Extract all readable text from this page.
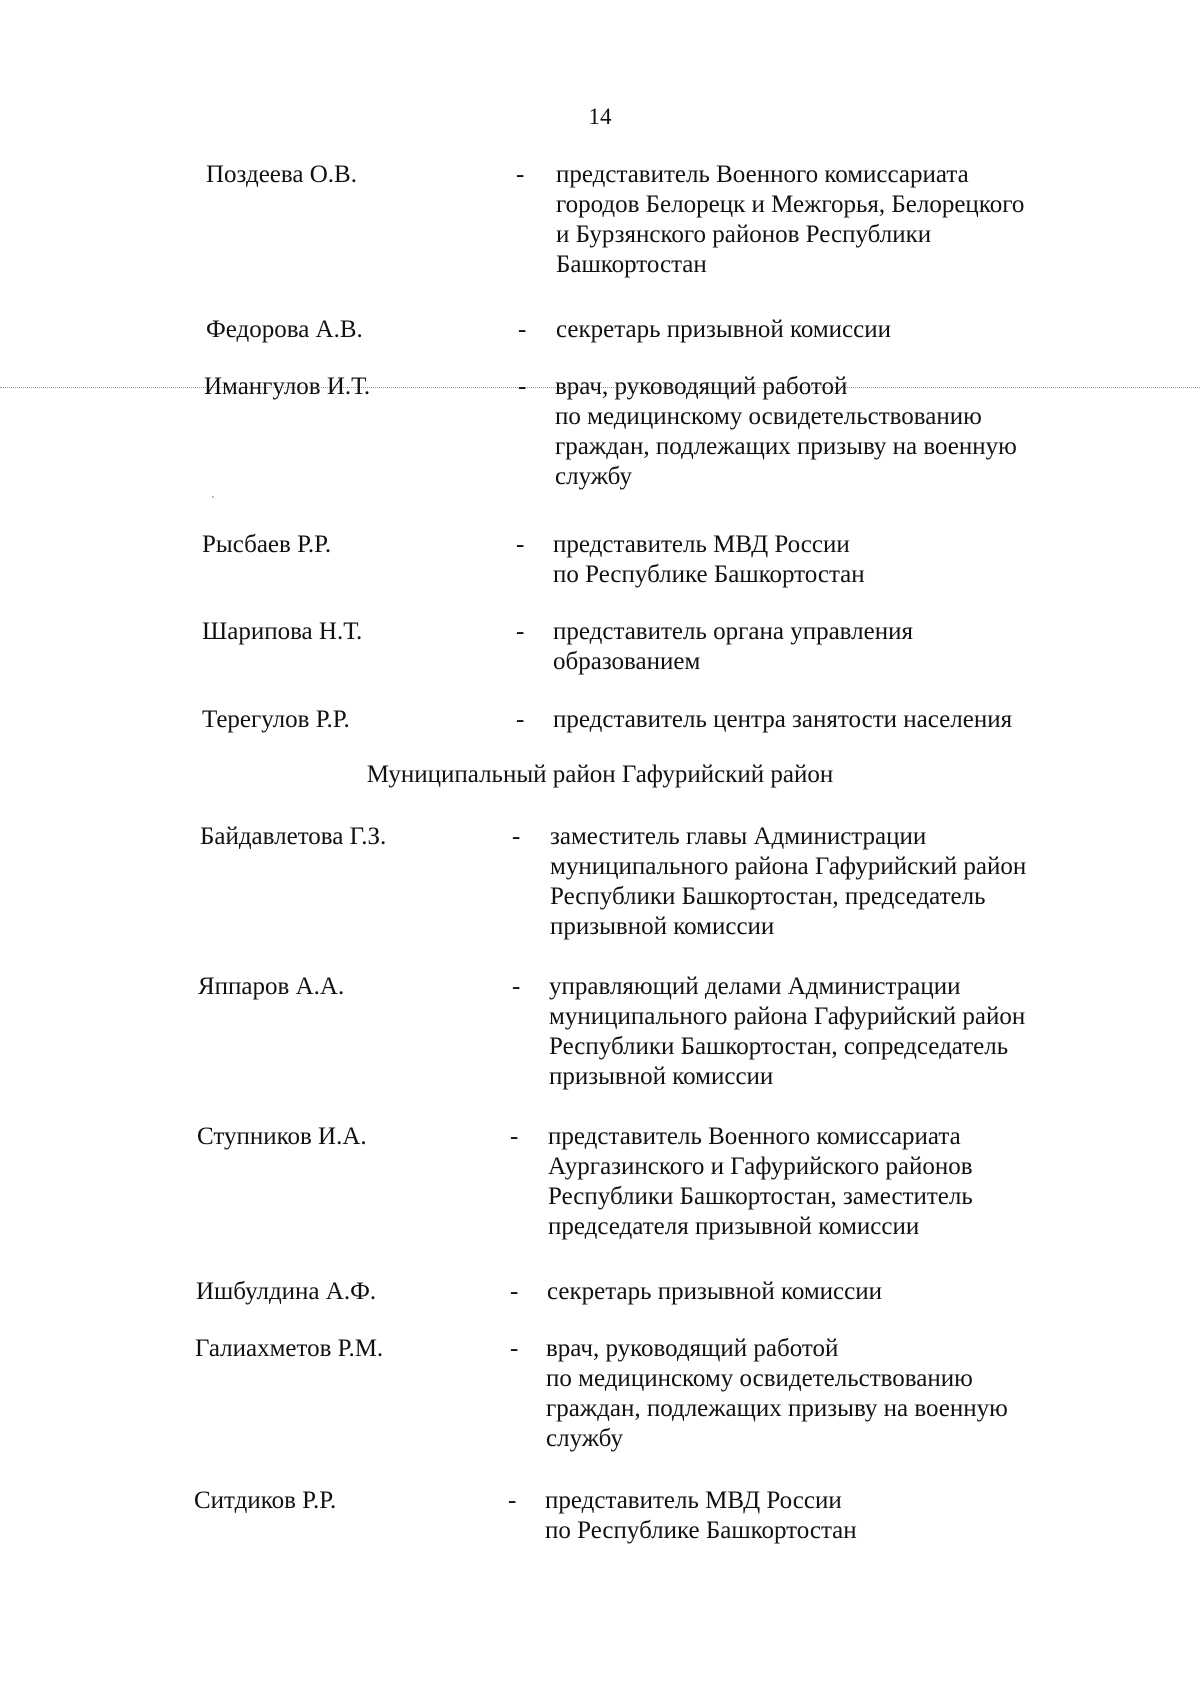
14
Поздеева О.В.	- представитель Военного комиссариата
городов Белорецк и Межгорья, Белорецкого
и Бурзянского районов Республики
Башкортостан
Федорова А.В.	- секретарь призывной комиссии
Имангулов И.Т.	- врач, руководящий работой
по медицинскому освидетельствованию
граждан, подлежащих призыву на военную
службу
Рысбаев Р.Р.	- представитель МВД России
по Республике Башкортостан
Шарипова Н.Т.	- представитель органа управления
образованием
Терегулов Р.Р.	- представитель центра занятости населения
Муниципальный район Гафурийский район
Байдавлетова Г.З.	- заместитель главы Администрации
муниципального района Гафурийский район
Республики Башкортостан, председатель
призывной комиссии
Яппаров А.А.	- управляющий делами Администрации
муниципального района Гафурийский район
Республики Башкортостан, сопредседатель
призывной комиссии
Ступников И.А.	- представитель Военного комиссариата
Аургазинского и Гафурийского районов
Республики Башкортостан, заместитель
председателя призывной комиссии
Ишбулдина А.Ф.	- секретарь призывной комиссии
Галиахметов Р.М.	- врач, руководящий работой
по медицинскому освидетельствованию
граждан, подлежащих призыву на военную
службу
Ситдиков Р.Р.	- представитель МВД России
по Республике Башкортостан
